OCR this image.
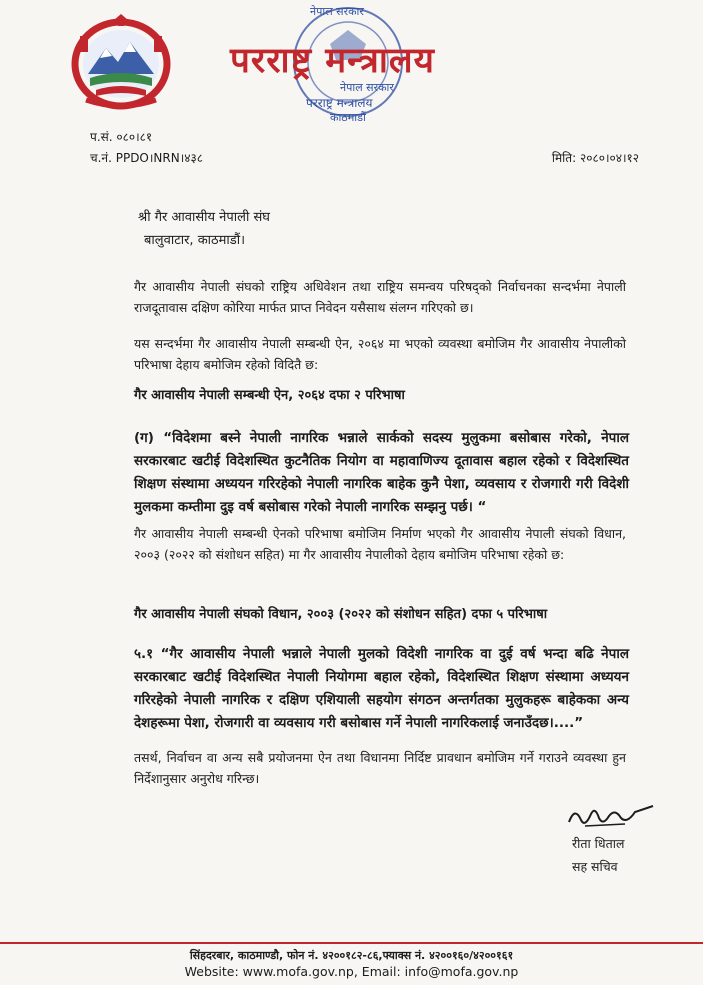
नेपाल सरकार
परराष्ट्र मन्त्रालय
नेपाल सरकार
परराष्ट्र मन्त्रालय
काठमाडौं
प.सं. ०८०।८१
च.नं. PPDO।NRN।४३८	मिति: २०८०।०४।१२
श्री गैर आवासीय नेपाली संघ
बालुवाटार, काठमाडौं।
गैर आवासीय नेपाली संघको राष्ट्रिय अधिवेशन तथा राष्ट्रिय समन्वय परिषद्को निर्वाचनका सन्दर्भमा नेपाली राजदूतावास दक्षिण कोरिया मार्फत प्राप्त निवेदन यसैसाथ संलग्न गरिएको छ।
यस सन्दर्भमा गैर आवासीय नेपाली सम्बन्धी ऐन, २०६४ मा भएको व्यवस्था बमोजिम गैर आवासीय नेपालीको परिभाषा देहाय बमोजिम रहेको विदितै छ:
गैर आवासीय नेपाली सम्बन्धी ऐन, २०६४ दफा २ परिभाषा
(ग) “विदेशमा बस्ने नेपाली नागरिक भन्नाले सार्कको सदस्य मुलुकमा बसोबास गरेको, नेपाल सरकारबाट खटीई विदेशस्थित कुटनैतिक नियोग वा महावाणिज्य दूतावास बहाल रहेको र विदेशस्थित शिक्षण संस्थामा अध्ययन गरिरहेको नेपाली नागरिक बाहेक कुनै पेशा, व्यवसाय र रोजगारी गरी विदेशी मुलकमा कम्तीमा दुइ वर्ष बसोबास गरेको नेपाली नागरिक सम्झनु पर्छ। “
गैर आवासीय नेपाली सम्बन्धी ऐनको परिभाषा बमोजिम निर्माण भएको गैर आवासीय नेपाली संघको विधान, २००३ (२०२२ को संशोधन सहित) मा गैर आवासीय नेपालीको देहाय बमोजिम परिभाषा रहेको छ:
गैर आवासीय नेपाली संघको विधान, २००३ (२०२२ को संशोधन सहित) दफा ५ परिभाषा
५.१ “गैर आवासीय नेपाली भन्नाले नेपाली मुलको विदेशी नागरिक वा दुई वर्ष भन्दा बढि नेपाल सरकारबाट खटीई विदेशस्थित नेपाली नियोगमा बहाल रहेको, विदेशस्थित शिक्षण संस्थामा अध्ययन गरिरहेको नेपाली नागरिक र दक्षिण एशियाली सहयोग संगठन अन्तर्गतका मुलुकहरू बाहेकका अन्य देशहरूमा पेशा, रोजगारी वा व्यवसाय गरी बसोबास गर्ने नेपाली नागरिकलाई जनाउँदछ।....”
तसर्थ, निर्वाचन वा अन्य सबै प्रयोजनमा ऐन तथा विधानमा निर्दिष्ट प्रावधान बमोजिम गर्ने गराउने व्यवस्था हुन निर्देशानुसार अनुरोध गरिन्छ।
रीता धिताल
सह सचिव
सिंहदरबार, काठमाण्डौ, फोन नं. ४२००१८२-८६,फ्याक्स नं. ४२००१६०/४२००१६१
Website: www.mofa.gov.np, Email: info@mofa.gov.np
